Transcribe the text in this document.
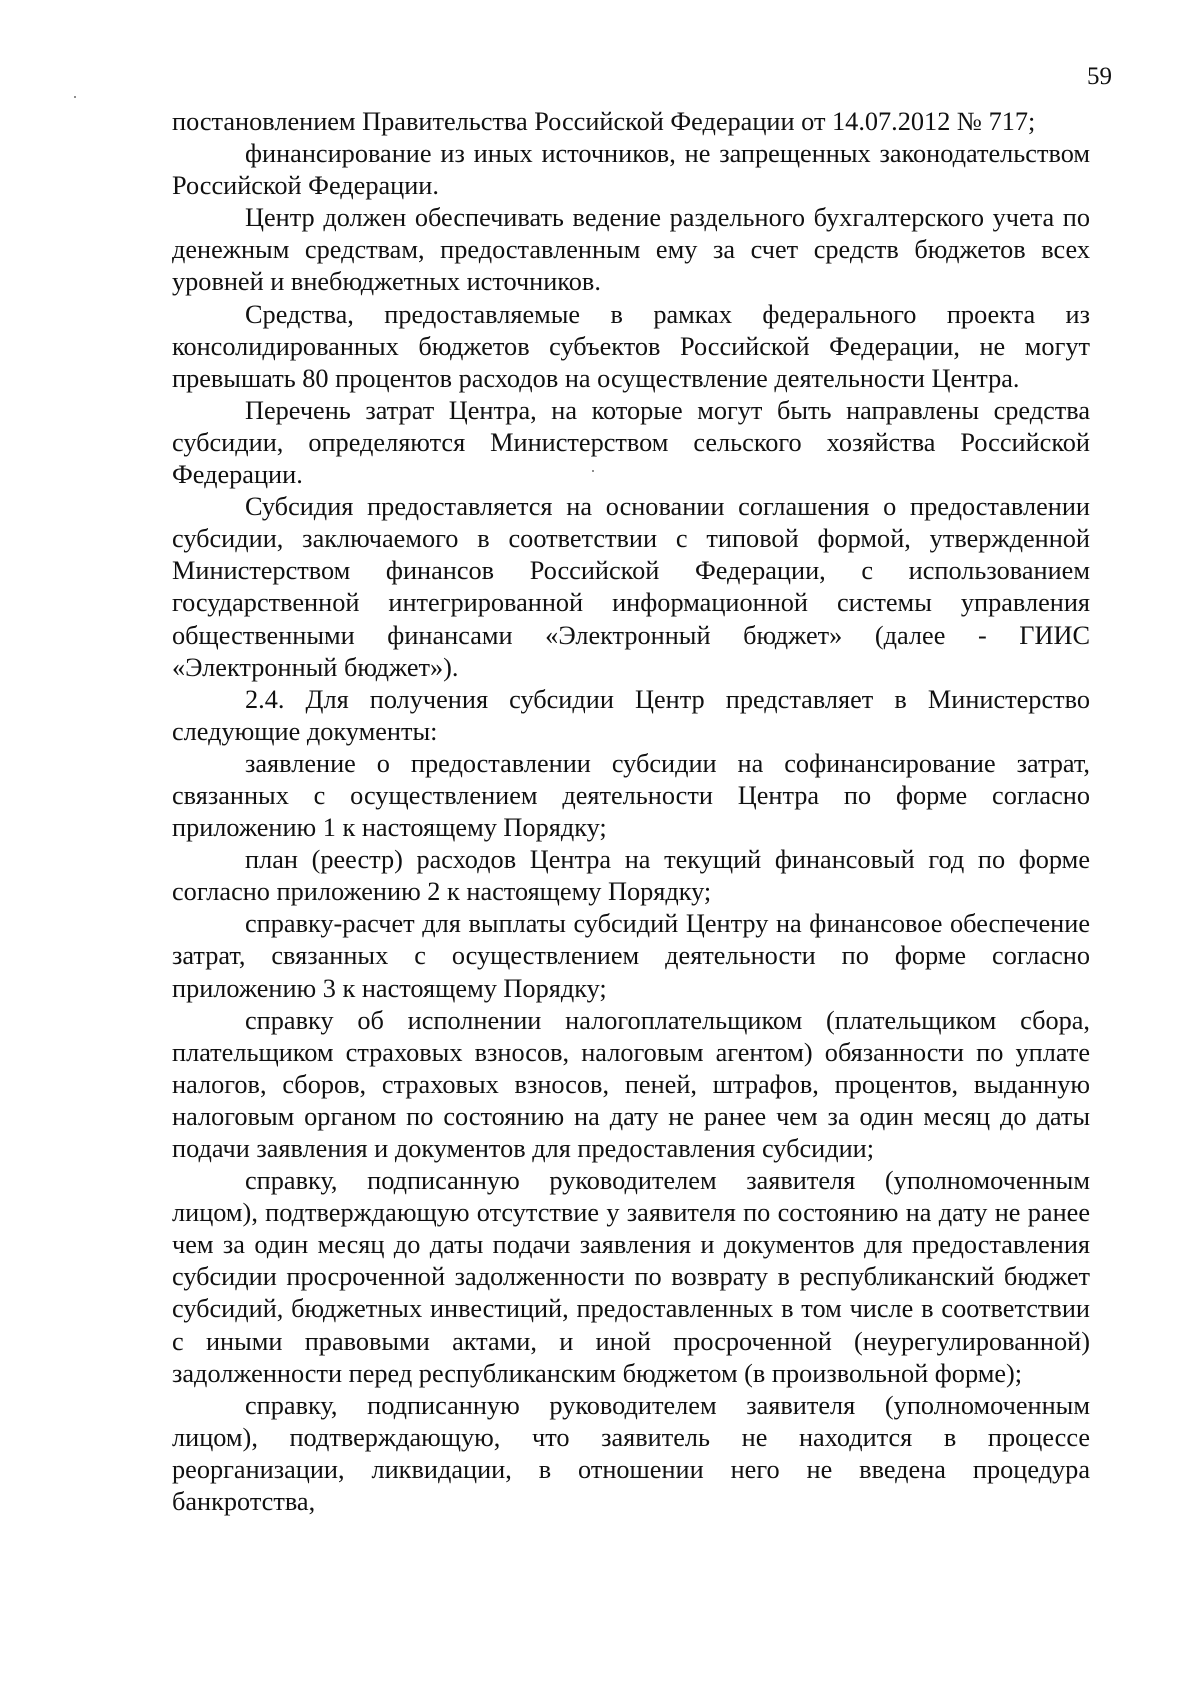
59

постановлением Правительства Российской Федерации от 14.07.2012 № 717;

финансирование из иных источников, не запрещенных законодательством Российской Федерации.

Центр должен обеспечивать ведение раздельного бухгалтерского учета по денежным средствам, предоставленным ему за счет средств бюджетов всех уровней и внебюджетных источников.

Средства, предоставляемые в рамках федерального проекта из консолидированных бюджетов субъектов Российской Федерации, не могут превышать 80 процентов расходов на осуществление деятельности Центра.

Перечень затрат Центра, на которые могут быть направлены средства субсидии, определяются Министерством сельского хозяйства Российской Федерации.

Субсидия предоставляется на основании соглашения о предоставлении субсидии, заключаемого в соответствии с типовой формой, утвержденной Министерством финансов Российской Федерации, с использованием государственной интегрированной информационной системы управления общественными финансами «Электронный бюджет» (далее - ГИИС «Электронный бюджет»).

2.4. Для получения субсидии Центр представляет в Министерство следующие документы:

заявление о предоставлении субсидии на софинансирование затрат, связанных с осуществлением деятельности Центра по форме согласно приложению 1 к настоящему Порядку;

план (реестр) расходов Центра на текущий финансовый год по форме согласно приложению 2 к настоящему Порядку;

справку-расчет для выплаты субсидий Центру на финансовое обеспечение затрат, связанных с осуществлением деятельности по форме согласно приложению 3 к настоящему Порядку;

справку об исполнении налогоплательщиком (плательщиком сбора, плательщиком страховых взносов, налоговым агентом) обязанности по уплате налогов, сборов, страховых взносов, пеней, штрафов, процентов, выданную налоговым органом по состоянию на дату не ранее чем за один месяц до даты подачи заявления и документов для предоставления субсидии;

справку, подписанную руководителем заявителя (уполномоченным лицом), подтверждающую отсутствие у заявителя по состоянию на дату не ранее чем за один месяц до даты подачи заявления и документов для предоставления субсидии просроченной задолженности по возврату в республиканский бюджет субсидий, бюджетных инвестиций, предоставленных в том числе в соответствии с иными правовыми актами, и иной просроченной (неурегулированной) задолженности перед республиканским бюджетом (в произвольной форме);

справку, подписанную руководителем заявителя (уполномоченным лицом), подтверждающую, что заявитель не находится в процессе реорганизации, ликвидации, в отношении него не введена процедура банкротства,
